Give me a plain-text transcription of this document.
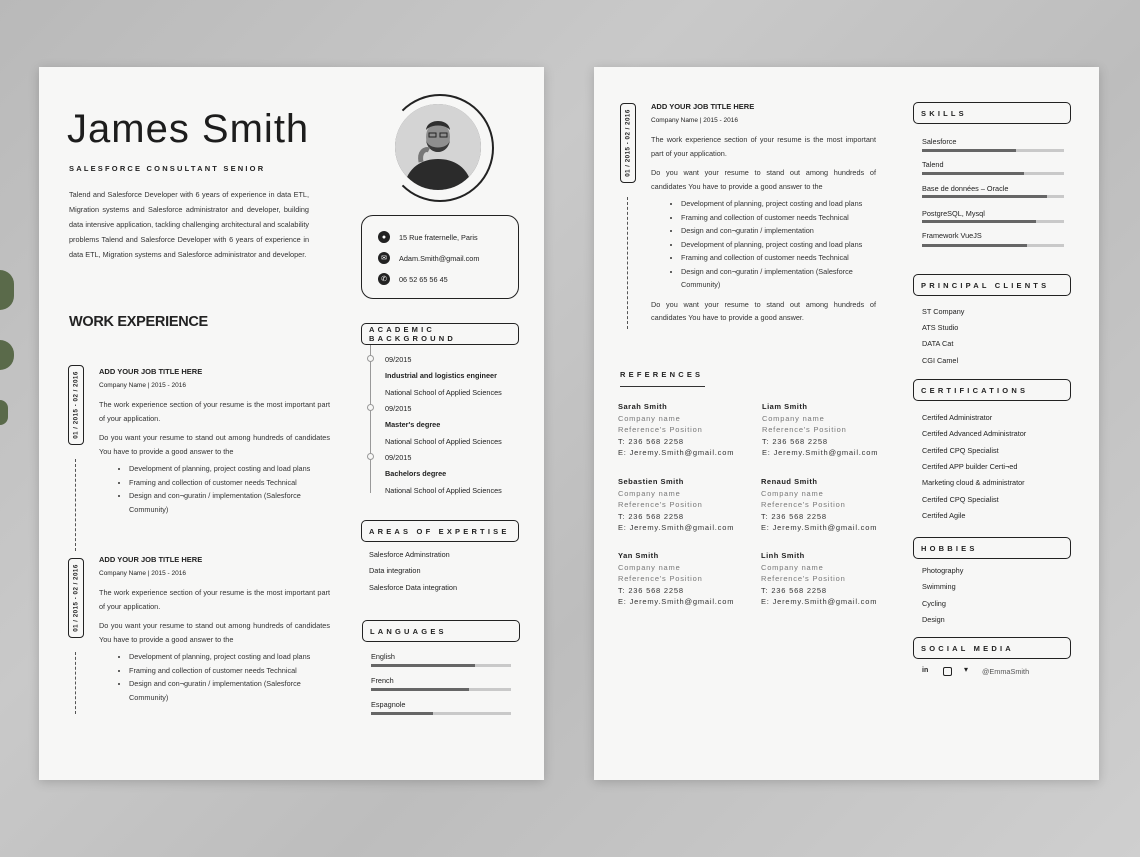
James Smith
SALESFORCE CONSULTANT SENIOR
Talend and Salesforce Developer with 6 years of experience in data ETL, Migration systems and Salesforce administrator and developer, building data intensive application, tackling challenging architectural and scalability problems Talend and Salesforce Developer with 6 years of experience in data ETL, Migration systems and Salesforce administrator and developer.
●	15 Rue fraternelle, Paris
✉	Adam.Smith@gmail.com
✆	06 52 65 56 45
WORK EXPERIENCE
01 / 2015 - 02 / 2016	ADD YOUR JOB TITLE HERE
Company Name | 2015 - 2016
The work experience section of your resume is the most important part of your application.
Do you want your resume to stand out among hundreds of candidates You have to provide a good answer to the
• Development of planning, project costing and load plans
• Framing and collection of customer needs Technical
• Design and con¬guratin / implementation (Salesforce Community)
01 / 2015 - 02 / 2016
ADD YOUR JOB TITLE HERE
Company Name | 2015 - 2016
The work experience section of your resume is the most important part of your application.
Do you want your resume to stand out among hundreds of candidates You have to provide a good answer to the
• Development of planning, project costing and load plans
• Framing and collection of customer needs Technical
• Design and con¬guratin / implementation (Salesforce Community)
ACADEMIC BACKGROUND
09/2015
Industrial and logistics engineer
National School of Applied Sciences
09/2015
Master's degree
National School of Applied Sciences
09/2015
Bachelors degree
National School of Applied Sciences
AREAS OF EXPERTISE
Salesforce Adminstration
Data integration
Salesforce Data integration
LANGUAGES
English
French
Espagnole
01 / 2015 - 02 / 2016
ADD YOUR JOB TITLE HERE
Company Name | 2015 - 2016
The work experience section of your resume is the most important part of your application.
Do you want your resume to stand out among hundreds of candidates You have to provide a good answer to the
• Development of planning, project costing and load plans
• Framing and collection of customer needs Technical
• Design and con¬guratin / implementation
• Development of planning, project costing and load plans
• Framing and collection of customer needs Technical
• Design and con¬guratin / implementation (Salesforce Community)
Do you want your resume to stand out among hundreds of candidates You have to provide a good answer.
REFERENCES
Sarah Smith
Company name
Reference's Position
T: 236 568 2258
E: Jeremy.Smith@gmail.com
Liam Smith
Company name
Reference's Position
T: 236 568 2258
E: Jeremy.Smith@gmail.com
Sebastien Smith
Company name
Reference's Position
T: 236 568 2258
E: Jeremy.Smith@gmail.com
Renaud Smith
Company name
Reference's Position
T: 236 568 2258
E: Jeremy.Smith@gmail.com
Yan Smith
Company name
Reference's Position
T: 236 568 2258
E: Jeremy.Smith@gmail.com
Linh Smith
Company name
Reference's Position
T: 236 568 2258
E: Jeremy.Smith@gmail.com
SKILLS
Salesforce
Talend
Base de données – Oracle
PostgreSQL, Mysql
Framework VueJS
PRINCIPAL CLIENTS
ST Company
ATS Studio
DATA Cat
CGI Camel
CERTIFICATIONS
Certifed Administrator
Certifed Advanced Administrator
Certifed CPQ Specialist
Certifed APP builder Certi¬ed
Marketing cloud & administrator
Certifed CPQ Specialist
Certifed Agile
HOBBIES
Photography
Swimming
Cycling
Design
SOCIAL MEDIA
in	▾ @EmmaSmith
